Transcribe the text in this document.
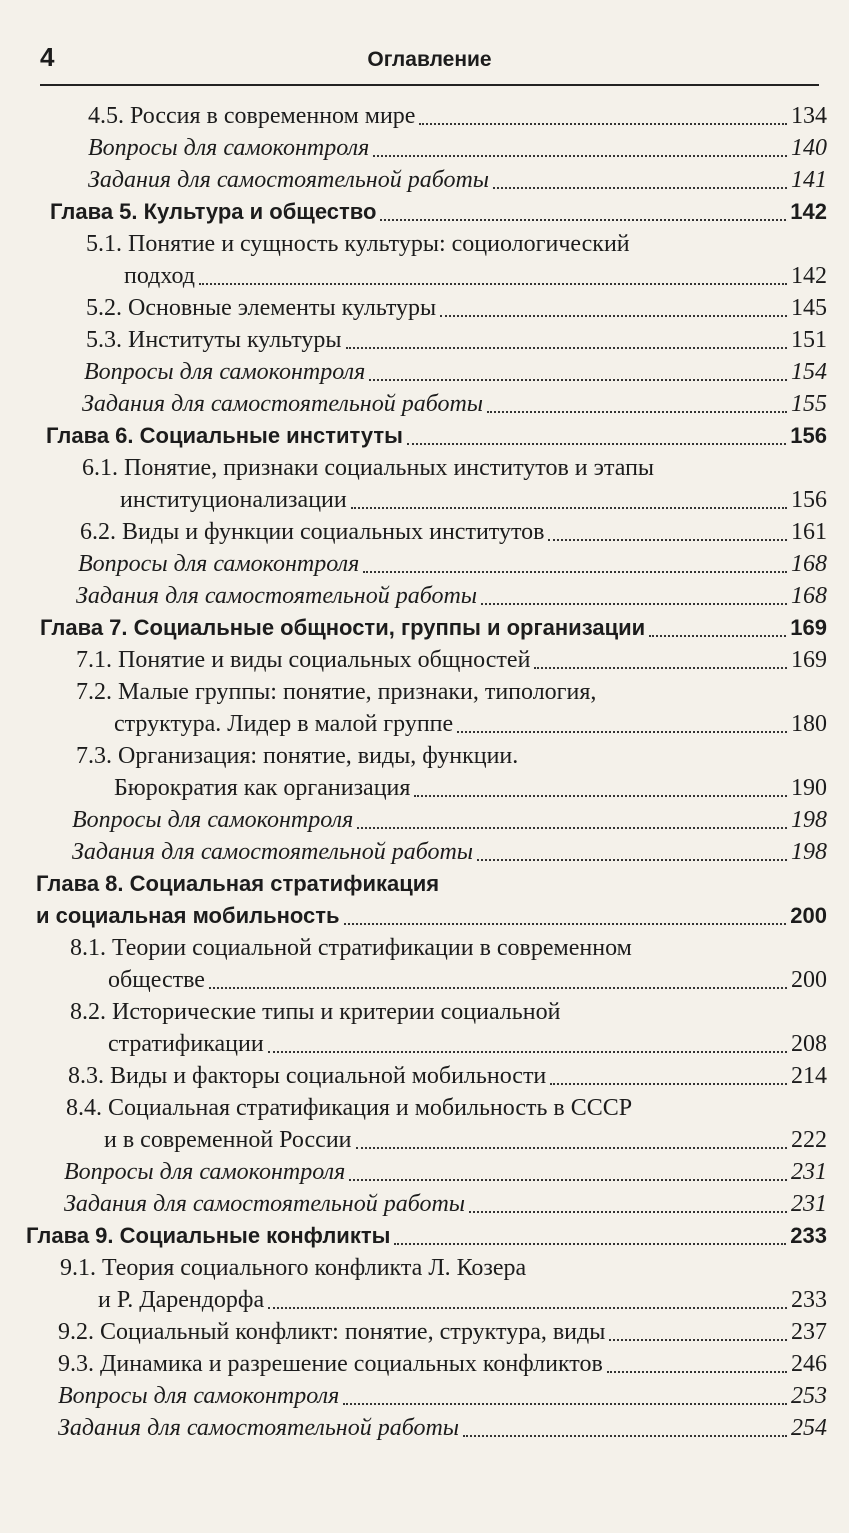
4	Оглавление
4.5. Россия в современном мире	134
Вопросы для самоконтроля	140
Задания для самостоятельной работы	141
Глава 5. Культура и общество	142
5.1. Понятие и сущность культуры: социологический
подход	142
5.2. Основные элементы культуры	145
5.3. Институты культуры	151
Вопросы для самоконтроля	154
Задания для самостоятельной работы	155
Глава 6. Социальные институты	156
6.1. Понятие, признаки социальных институтов и этапы
институционализации	156
6.2. Виды и функции социальных институтов	161
Вопросы для самоконтроля	168
Задания для самостоятельной работы	168
Глава 7. Социальные общности, группы и организации	169
7.1. Понятие и виды социальных общностей	169
7.2. Малые группы: понятие, признаки, типология,
структура. Лидер в малой группе	180
7.3. Организация: понятие, виды, функции.
Бюрократия как организация	190
Вопросы для самоконтроля	198
Задания для самостоятельной работы	198
Глава 8. Социальная стратификация
и социальная мобильность	200
8.1. Теории социальной стратификации в современном
обществе	200
8.2. Исторические типы и критерии социальной
стратификации	208
8.3. Виды и факторы социальной мобильности	214
8.4. Социальная стратификация и мобильность в СССР
и в современной России	222
Вопросы для самоконтроля	231
Задания для самостоятельной работы	231
Глава 9. Социальные конфликты	233
9.1. Теория социального конфликта Л. Козера
и Р. Дарендорфа	233
9.2. Социальный конфликт: понятие, структура, виды	237
9.3. Динамика и разрешение социальных конфликтов	246
Вопросы для самоконтроля	253
Задания для самостоятельной работы	254
